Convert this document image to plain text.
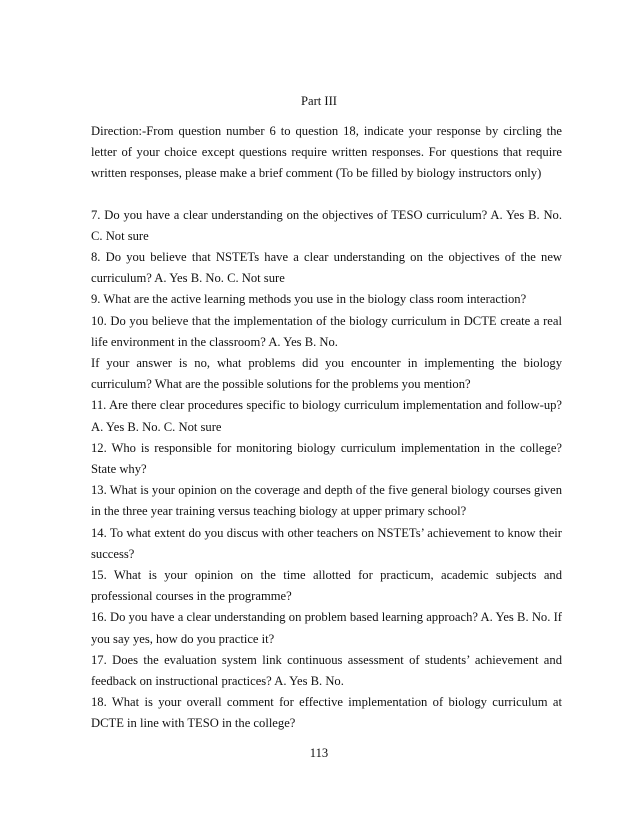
Part III

Direction:-From question number 6 to question 18, indicate your response by circling the letter of your choice except questions require written responses. For questions that require written responses, please make a brief comment (To be filled by biology instructors only)

7. Do you have a clear understanding on the objectives of TESO curriculum? A. Yes B. No. C. Not sure

8. Do you believe that NSTETs have a clear understanding on the objectives of the new curriculum? A. Yes B. No. C. Not sure

9. What are the active learning methods you use in the biology class room interaction?

10. Do you believe that the implementation of the biology curriculum in DCTE create a real life environment in the classroom? A. Yes B. No.

If your answer is no, what problems did you encounter in implementing the biology curriculum? What are the possible solutions for the problems you mention?

11. Are there clear procedures specific to biology curriculum implementation and follow-up? A. Yes B. No. C. Not sure

12. Who is responsible for monitoring biology curriculum implementation in the college? State why?

13. What is your opinion on the coverage and depth of the five general biology courses given in the three year training versus teaching biology at upper primary school?

14. To what extent do you discus with other teachers on NSTETs’ achievement to know their success?

15. What is your opinion on the time allotted for practicum, academic subjects and professional courses in the programme?

16. Do you have a clear understanding on problem based learning approach? A. Yes B. No. If you say yes, how do you practice it?

17. Does the evaluation system link continuous assessment of students’ achievement and feedback on instructional practices? A. Yes B. No.

18. What is your overall comment for effective implementation of biology curriculum at DCTE in line with TESO in the college?

113
